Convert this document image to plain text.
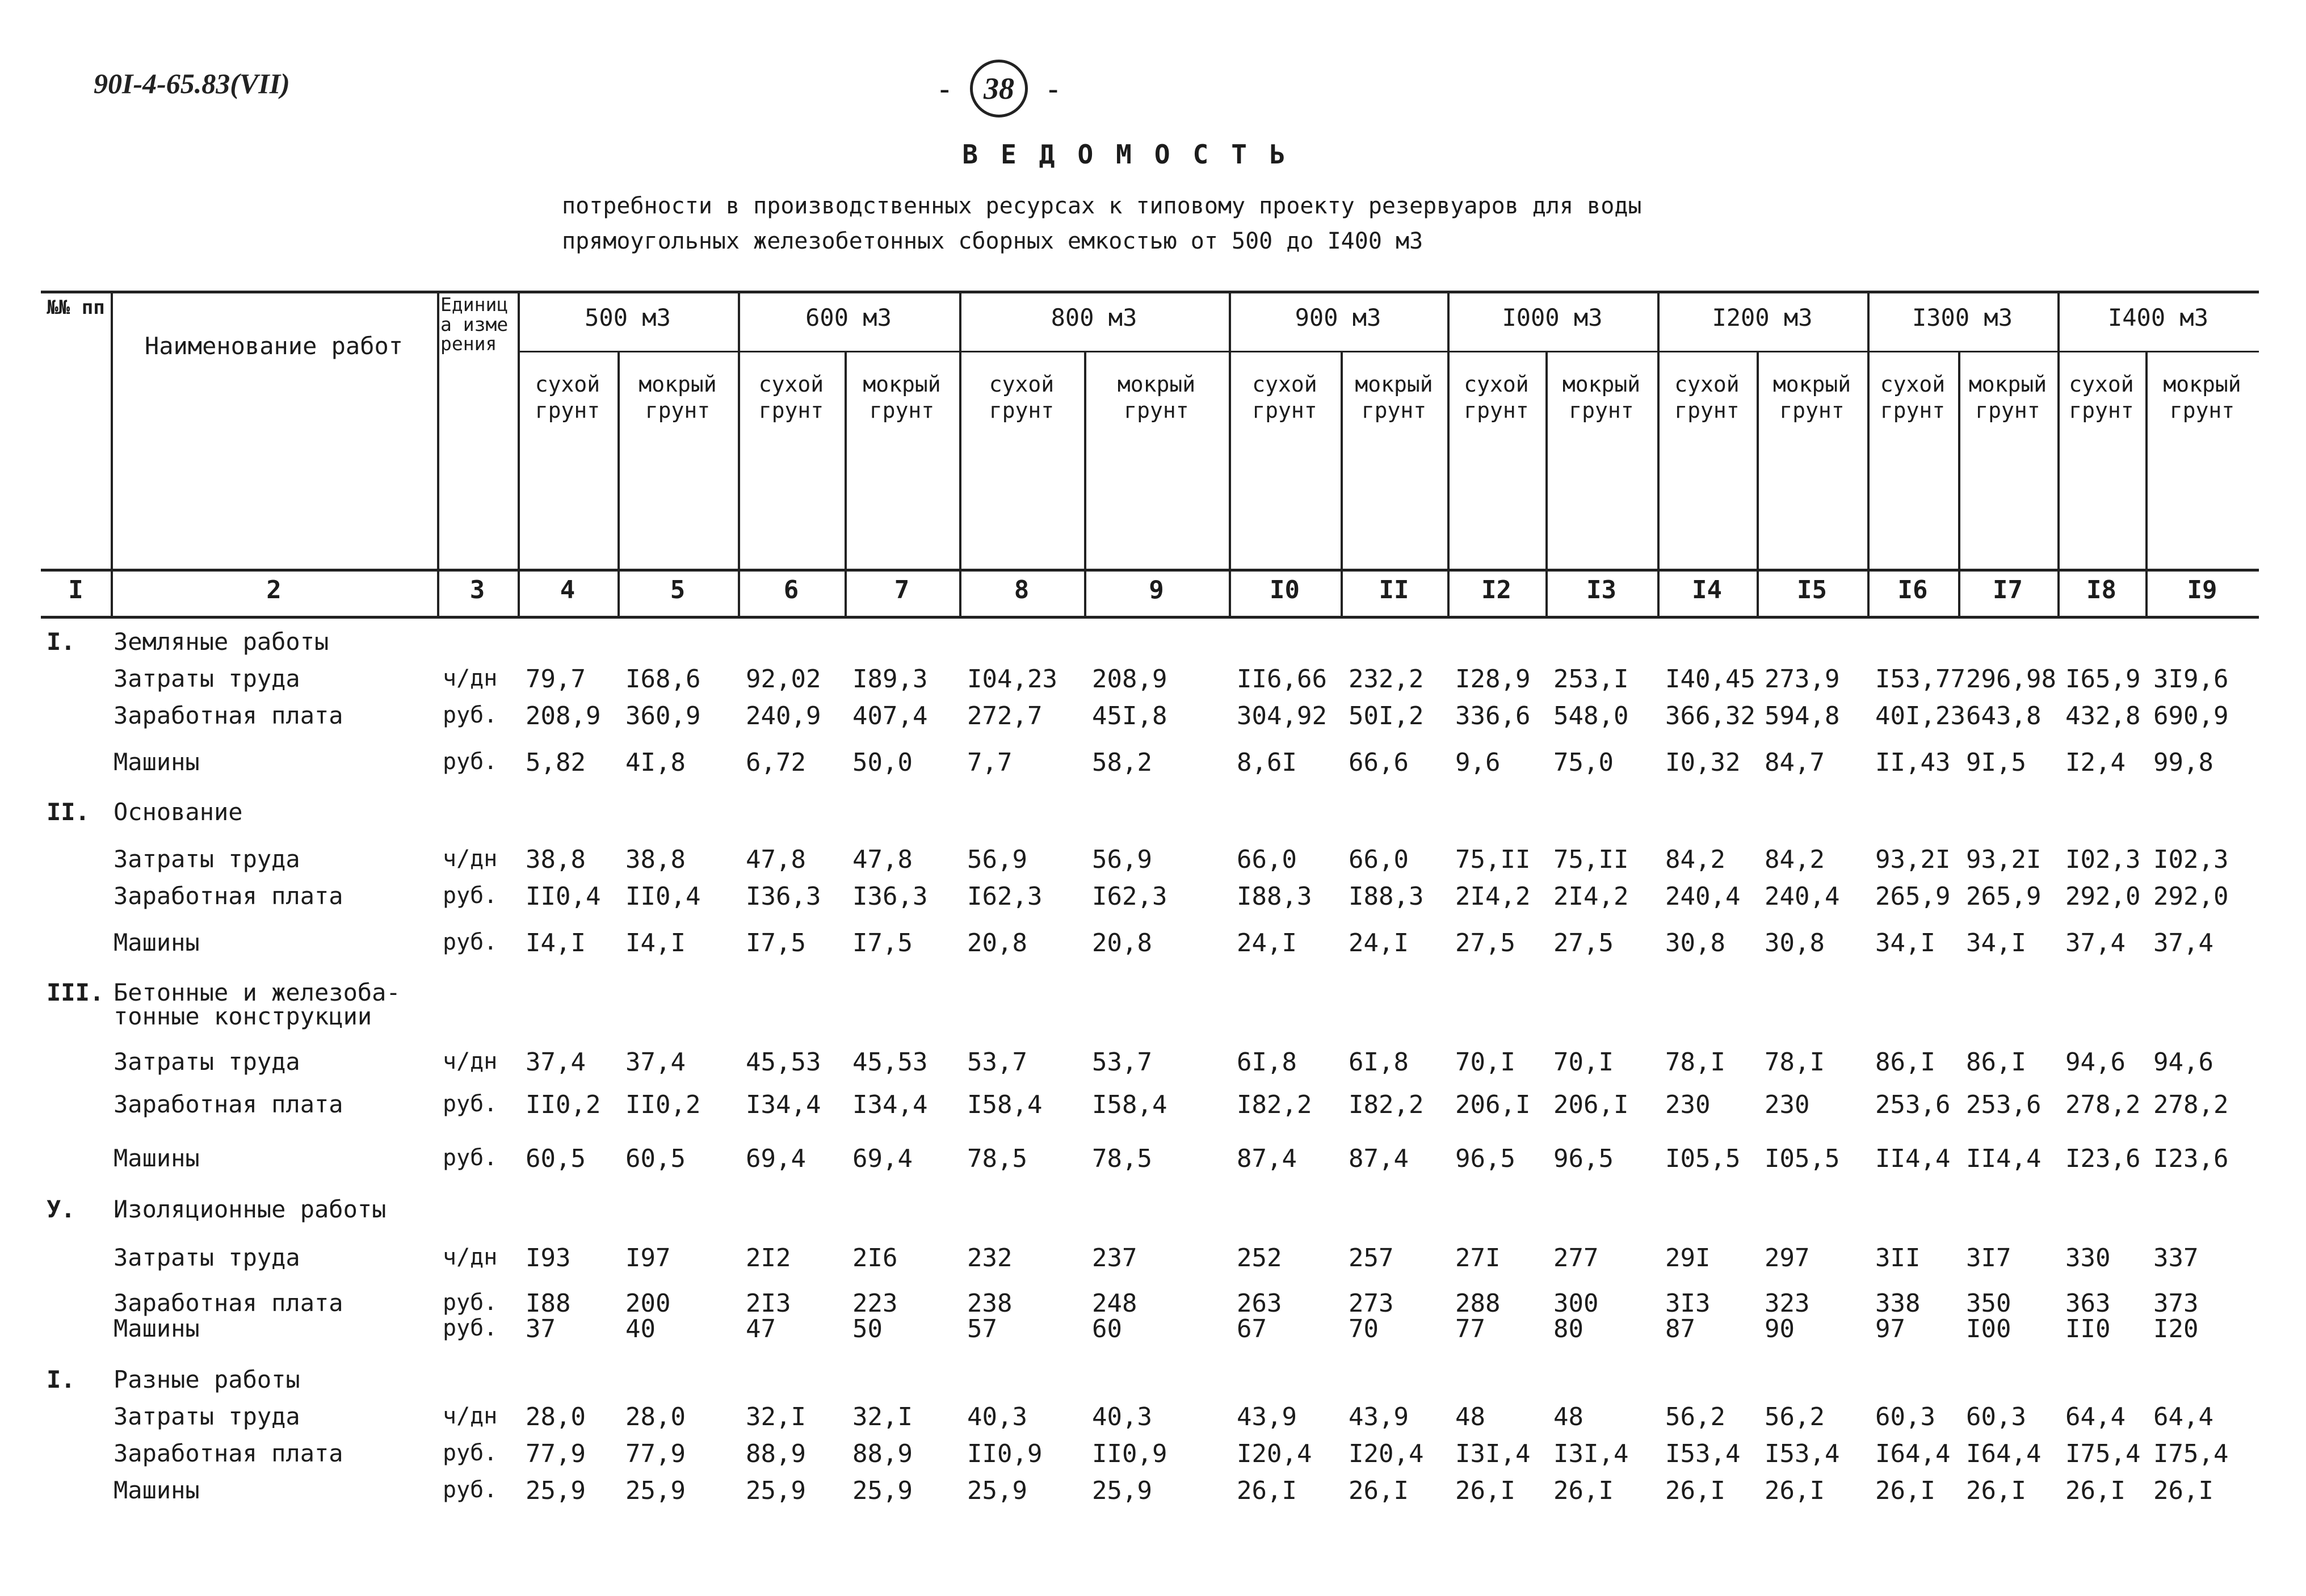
90I-4-65.83(VII)	-	38	-
ВЕДОМОСТЬ
потребности в производственных ресурсах к типовому проекту резервуаров для воды
прямоугольных железобетонных сборных емкостью от 500 до I400 м3
№№ пп
Наименование работ
Единица измерения
500 м3	600 м3	800 м3	900 м3	I000 м3	I200 м3	I300 м3	I400 м3
сухой грунт
мокрый грунт
сухой грунт
мокрый грунт
сухой грунт
мокрый грунт
сухой грунт
мокрый грунт
сухой грунт
мокрый грунт
сухой грунт
мокрый грунт
сухой грунт
мокрый грунт
сухой грунт
мокрый грунт
I	2	3	4	5	6	7	8	9	I0	II	I2	I3	I4	I5	I6	I7	I8	I9
I. Земляные работы
Затраты труда	ч/дн 79,7 I68,6 92,02 I89,3 I04,23 208,9	II6,66 232,2 I28,9 253,I I40,45 273,9 I53,77 296,98 I65,9 3I9,6
Заработная плата	руб. 208,9 360,9 240,9 407,4 272,7 45I,8	304,92 50I,2 336,6 548,0 366,32 594,8 40I,23 643,8 432,8 690,9
Машины	руб. 5,82 4I,8 6,72 50,0 7,7	58,2	8,6I 66,6 9,6 75,0 I0,32 84,7 II,43 9I,5 I2,4 99,8
II. Основание
Затраты труда	ч/дн 38,8 38,8 47,8 47,8 56,9	56,9	66,0 66,0 75,II 75,II 84,2 84,2 93,2I 93,2I I02,3 I02,3
Заработная плата	руб. II0,4 II0,4 I36,3 I36,3 I62,3 I62,3	I88,3 I88,3 2I4,2 2I4,2 240,4 240,4 265,9 265,9 292,0 292,0
Машины	руб. I4,I I4,I I7,5 I7,5 20,8	20,8	24,I 24,I 27,5 27,5 30,8 30,8 34,I 34,I 37,4 37,4
III. Бетонные и железоба-
тонные конструкции
Затраты труда	ч/дн 37,4 37,4 45,53 45,53 53,7	53,7	6I,8 6I,8 70,I 70,I 78,I 78,I 86,I 86,I 94,6 94,6
Заработная плата	руб. II0,2 II0,2 I34,4 I34,4 I58,4 I58,4	I82,2 I82,2 206,I 206,I 230 230	253,6 253,6 278,2 278,2
Машины	руб. 60,5 60,5 69,4 69,4 78,5	78,5	87,4 87,4 96,5 96,5 I05,5 I05,5 II4,4 II4,4 I23,6 I23,6
У. Изоляционные работы
Затраты труда	ч/дн I93 I97	2I2 2I6	232	237	252	257 27I 277	29I 297	3II 3I7 330 337
Заработная плата	руб. I88 200	2I3 223	238	248	263	273 288 300	3I3 323	338 350 363 373
Машины	руб. 37	40	47	50	57	60	67	70	77	80	87	90	97 I00 II0 I20
I. Разные работы
Затраты труда	ч/дн 28,0 28,0 32,I 32,I 40,3	40,3	43,9 43,9 48	48	56,2 56,2 60,3 60,3 64,4 64,4
Заработная плата	руб. 77,9 77,9 88,9 88,9 II0,9 II0,9	I20,4 I20,4 I3I,4 I3I,4 I53,4 I53,4 I64,4 I64,4 I75,4 I75,4
Машины	руб. 25,9 25,9 25,9 25,9 25,9	25,9	26,I 26,I 26,I 26,I 26,I 26,I 26,I 26,I 26,I 26,I
